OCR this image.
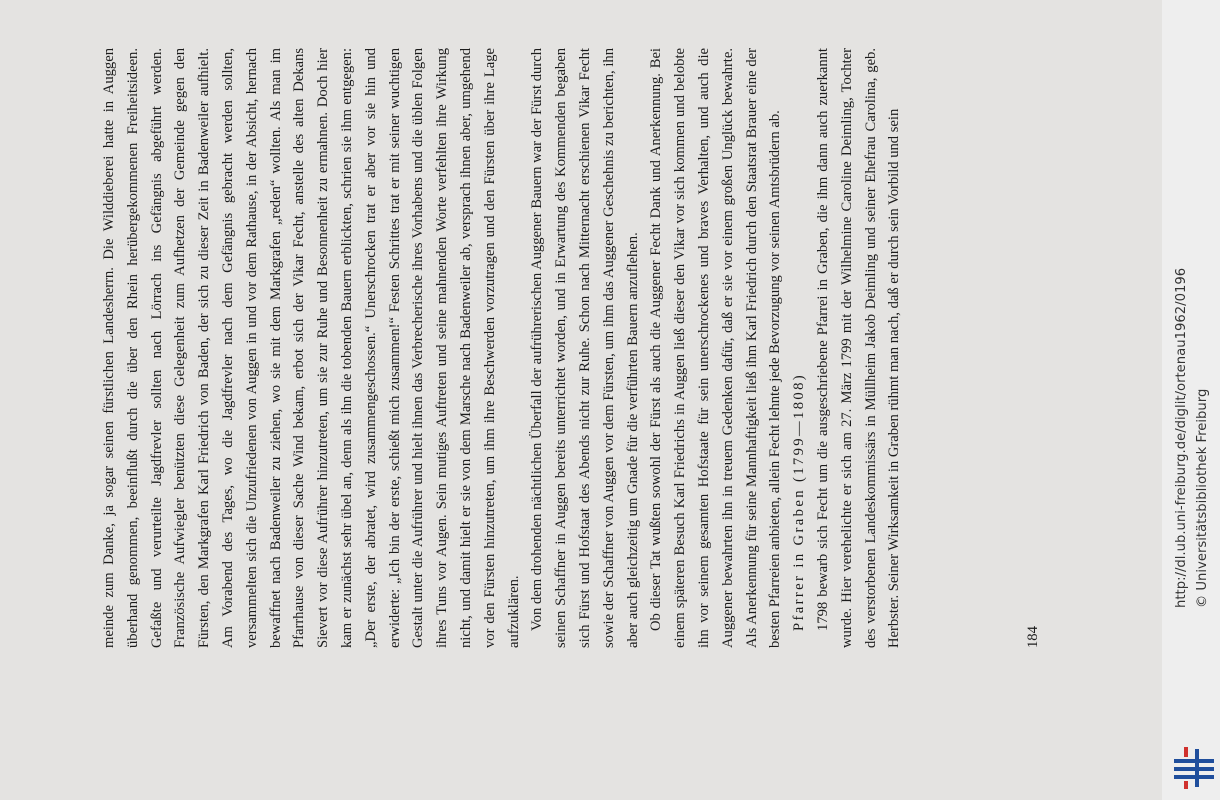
meinde zum Danke, ja sogar seinen fürstlichen Landesherrn. Die Wilddieberei hatte in Auggen überhand genommen, beeinflußt durch die über den Rhein herübergekommenen Freiheitsideen. Gefaßte und verurteilte Jagdfrevler sollten nach Lörrach ins Gefängnis abgeführt werden. Französische Aufwiegler benützten diese Gelegenheit zum Aufhetzen der Gemeinde gegen den Fürsten, den Markgrafen Karl Friedrich von Baden, der sich zu dieser Zeit in Badenweiler aufhielt. Am Vorabend des Tages, wo die Jagdfrevler nach dem Gefängnis gebracht werden sollten, versammelten sich die Unzufriedenen von Auggen in und vor dem Rathause, in der Absicht, hernach bewaffnet nach Badenweiler zu ziehen, wo sie mit dem Markgrafen „reden“ wollten. Als man im Pfarrhause von dieser Sache Wind bekam, erbot sich der Vikar Fecht, anstelle des alten Dekans Sievert vor diese Aufrührer hinzutreten, um sie zur Ruhe und Besonnenheit zu ermahnen. Doch hier kam er zunächst sehr übel an, denn als ihn die tobenden Bauern erblickten, schrien sie ihm entgegen: „Der erste, der abratet, wird zusammengeschossen.“ Unerschrocken trat er aber vor sie hin und erwiderte: „Ich bin der erste, schießt mich zusammen!“ Festen Schrittes trat er mit seiner wuchtigen Gestalt unter die Aufrührer und hielt ihnen das Verbrecherische ihres Vorhabens und die üblen Folgen ihres Tuns vor Augen. Sein mutiges Auftreten und seine mahnenden Worte verfehlten ihre Wirkung nicht, und damit hielt er sie von dem Marsche nach Badenweiler ab, versprach ihnen aber, umgehend vor den Fürsten hinzutreten, um ihm ihre Beschwerden vorzutragen und den Fürsten über ihre Lage aufzuklären. Von dem drohenden nächtlichen Überfall der aufrührerischen Auggener Bauern war der Fürst durch seinen Schaffner in Auggen bereits unterrichtet worden, und in Erwartung des Kommenden begaben sich Fürst und Hofstaat des Abends nicht zur Ruhe. Schon nach Mitternacht erschienen Vikar Fecht sowie der Schaffner von Auggen vor dem Fürsten, um ihm das Auggener Geschehnis zu berichten, ihn aber auch gleichzeitig um Gnade für die verführten Bauern anzuflehen. Ob dieser Tat wußten sowohl der Fürst als auch die Auggener Fecht Dank und Anerkennung. Bei einem späteren Besuch Karl Friedrichs in Auggen ließ dieser den Vikar vor sich kommen und belobte ihn vor seinem gesamten Hofstaate für sein unerschrockenes und braves Verhalten, und auch die Auggener bewahrten ihn in treuem Gedenken dafür, daß er sie vor einem großen Unglück bewahrte. Als Anerkennung für seine Mannhaftigkeit ließ ihm Karl Friedrich durch den Staatsrat Brauer eine der besten Pfarreien anbieten, allein Fecht lehnte jede Bevorzugung vor seinen Amtsbrüdern ab. Pfarrer in Graben (1799—1808) 1798 bewarb sich Fecht um die ausgeschriebene Pfarrei in Graben, die ihm dann auch zuerkannt wurde. Hier verehelichte er sich am 27. März 1799 mit der Wilhelmine Caroline Deimling, Tochter des verstorbenen Landeskommissärs in Müllheim Jakob Deimling und seiner Ehefrau Carolina, geb. Herbster. Seiner Wirksamkeit in Graben rühmt man nach, daß er durch sein Vorbild und sein	184
http://dl.ub.uni-freiburg.de/diglit/ortenau1962/0196 © Universitätsbibliothek Freiburg
